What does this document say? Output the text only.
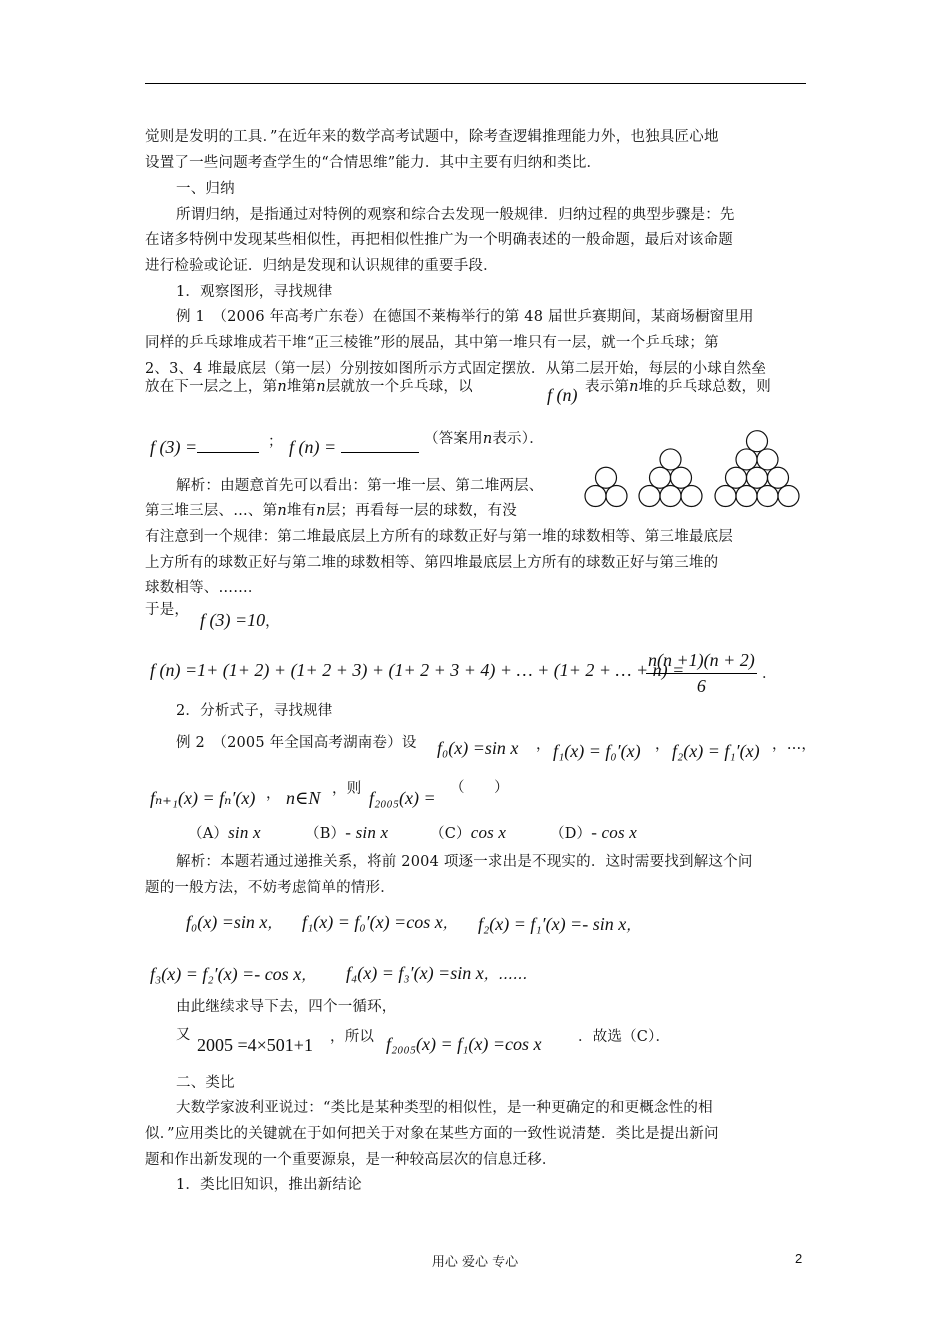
觉则是发明的工具．”在近年来的数学高考试题中，除考查逻辑推理能力外，也独具匠心地
设置了一些问题考查学生的“合情思维”能力．其中主要有归纳和类比．
一、归纳
所谓归纳，是指通过对特例的观察和综合去发现一般规律．归纳过程的典型步骤是：先
在诸多特例中发现某些相似性，再把相似性推广为一个明确表述的一般命题，最后对该命题
进行检验或论证．归纳是发现和认识规律的重要手段．
1．观察图形，寻找规律
例 1　（2006 年高考广东卷）在德国不莱梅举行的第 48 届世乒赛期间，某商场橱窗里用
同样的乒乓球堆成若干堆“正三棱锥”形的展品，其中第一堆只有一层，就一个乒乓球；第
2、3、4 堆最底层（第一层）分别按如图所示方式固定摆放．从第二层开始，每层的小球自然垒
放在下一层之上，第n堆第n层就放一个乒乓球，以	f (n) 表示第n堆的乒乓球总数，则
f (3) =	； f (n) =	（答案用n表示）．
解析：由题意首先可以看出：第一堆一层、第二堆两层、
第三堆三层、…、第n堆有n层；再看每一层的球数，有没
有注意到一个规律：第二堆最底层上方所有的球数正好与第一堆的球数相等、第三堆最底层
上方所有的球数正好与第二堆的球数相等、第四堆最底层上方所有的球数正好与第三堆的
球数相等、……．
于是， f (3) =10，
f (n) =1+ (1+ 2) + (1+ 2 + 3) + (1+ 2 + 3 + 4) + … + (1+ 2 + … + n) =
$\frac{n(n +1)(n + 2)}{6}$ ．
2．分析式子，寻找规律
例 2　（2005 年全国高考湖南卷）设 f₀(x) =sin x ， f₁(x) = f₀′(x) ， f₂(x) = f₁′(x) ，…，
fₙ₊₁(x) = fₙ′(x) ， n∈N ，则 f₂₀₀₅(x) = （　　）
（A）sin x	（B）- sin x	（C）cos x	（D）- cos x
解析：本题若通过递推关系，将前 2004 项逐一求出是不现实的．这时需要找到解这个问
题的一般方法，不妨考虑简单的情形．
f₀(x) =sin x， f₁(x) = f₀′(x) =cos x， f₂(x) = f₁′(x) =- sin x，
f₃(x) = f₂′(x) =- cos x， f₄(x) = f₃′(x) =sin x，……
由此继续求导下去，四个一循环，
又 2005 =4×501+1 ，所以 f₂₀₀₅(x) = f₁(x) =cos x	．故选（C）．
二、类比
大数学家波利亚说过：“类比是某种类型的相似性，是一种更确定的和更概念性的相
似．”应用类比的关键就在于如何把关于对象在某些方面的一致性说清楚．类比是提出新问
题和作出新发现的一个重要源泉，是一种较高层次的信息迁移．
1．类比旧知识，推出新结论
用心 爱心 专心	2
